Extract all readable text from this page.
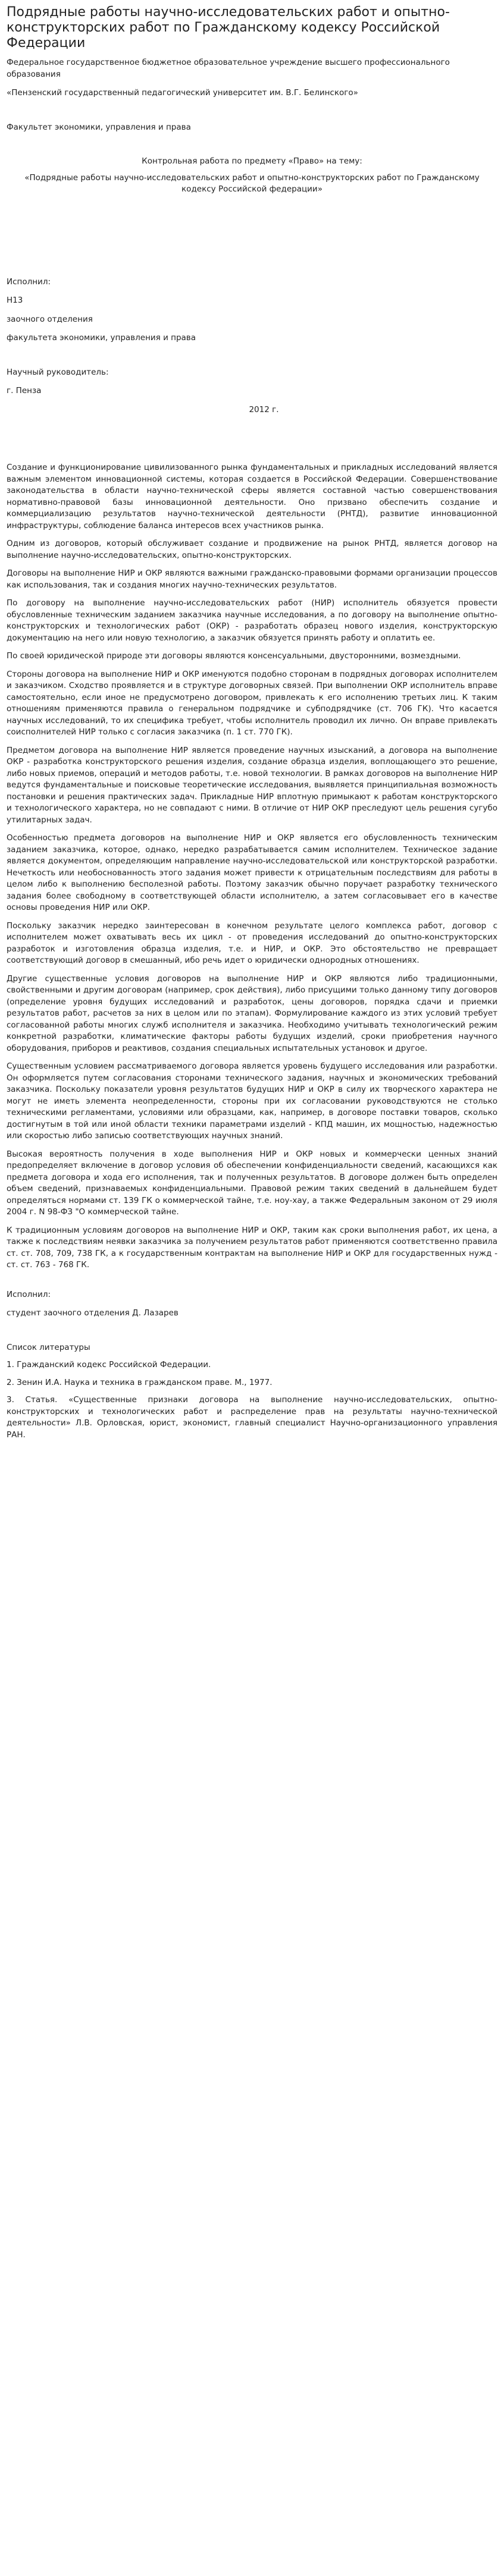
Подрядные работы научно-исследовательских работ и опытно-конструкторских работ по Гражданскому кодексу Российской Федерации

Федеральное государственное бюджетное образовательное учреждение высшего профессионального образования

«Пензенский государственный педагогический университет им. В.Г. Белинского»

Факультет экономики, управления и права

Контрольная работа по предмету «Право» на тему:

«Подрядные работы научно-исследовательских работ и опытно-конструкторских работ по Гражданскому кодексу Российской федерации»

Исполнил:

Н13

заочного отделения

факультета экономики, управления и права

Научный руководитель:

г. Пенза

2012 г.

Создание и функционирование цивилизованного рынка фундаментальных и прикладных исследований является важным элементом инновационной системы, которая создается в Российской Федерации. Совершенствование законодательства в области научно-технической сферы является составной частью совершенствования нормативно-правовой базы инновационной деятельности. Оно призвано обеспечить создание и коммерциализацию результатов научно-технической деятельности (РНТД), развитие инновационной инфраструктуры, соблюдение баланса интересов всех участников рынка.

Одним из договоров, который обслуживает создание и продвижение на рынок РНТД, является договор на выполнение научно-исследовательских, опытно-конструкторских.

Договоры на выполнение НИР и ОКР являются важными гражданско-правовыми формами организации процессов как использования, так и создания многих научно-технических результатов.

По договору на выполнение научно-исследовательских работ (НИР) исполнитель обязуется провести обусловленные техническим заданием заказчика научные исследования, а по договору на выполнение опытно-конструкторских и технологических работ (ОКР) - разработать образец нового изделия, конструкторскую документацию на него или новую технологию, а заказчик обязуется принять работу и оплатить ее.

По своей юридической природе эти договоры являются консенсуальными, двусторонними, возмездными.

Стороны договора на выполнение НИР и ОКР именуются подобно сторонам в подрядных договорах исполнителем и заказчиком. Сходство проявляется и в структуре договорных связей. При выполнении ОКР исполнитель вправе самостоятельно, если иное не предусмотрено договором, привлекать к его исполнению третьих лиц. К таким отношениям применяются правила о генеральном подрядчике и субподрядчике (ст. 706 ГК). Что касается научных исследований, то их специфика требует, чтобы исполнитель проводил их лично. Он вправе привлекать соисполнителей НИР только с согласия заказчика (п. 1 ст. 770 ГК).

Предметом договора на выполнение НИР является проведение научных изысканий, а договора на выполнение ОКР - разработка конструкторского решения изделия, создание образца изделия, воплощающего это решение, либо новых приемов, операций и методов работы, т.е. новой технологии. В рамках договоров на выполнение НИР ведутся фундаментальные и поисковые теоретические исследования, выявляется принципиальная возможность постановки и решения практических задач. Прикладные НИР вплотную примыкают к работам конструкторского и технологического характера, но не совпадают с ними. В отличие от НИР ОКР преследуют цель решения сугубо утилитарных задач.

Особенностью предмета договоров на выполнение НИР и ОКР является его обусловленность техническим заданием заказчика, которое, однако, нередко разрабатывается самим исполнителем. Техническое задание является документом, определяющим направление научно-исследовательской или конструкторской разработки. Нечеткость или необоснованность этого задания может привести к отрицательным последствиям для работы в целом либо к выполнению бесполезной работы. Поэтому заказчик обычно поручает разработку технического задания более свободному в соответствующей области исполнителю, а затем согласовывает его в качестве основы проведения НИР или ОКР.

Поскольку заказчик нередко заинтересован в конечном результате целого комплекса работ, договор с исполнителем может охватывать весь их цикл - от проведения исследований до опытно-конструкторских разработок и изготовления образца изделия, т.е. и НИР, и ОКР. Это обстоятельство не превращает соответствующий договор в смешанный, ибо речь идет о юридически однородных отношениях.

Другие существенные условия договоров на выполнение НИР и ОКР являются либо традиционными, свойственными и другим договорам (например, срок действия), либо присущими только данному типу договоров (определение уровня будущих исследований и разработок, цены договоров, порядка сдачи и приемки результатов работ, расчетов за них в целом или по этапам). Формулирование каждого из этих условий требует согласованной работы многих служб исполнителя и заказчика. Необходимо учитывать технологический режим конкретной разработки, климатические факторы работы будущих изделий, сроки приобретения научного оборудования, приборов и реактивов, создания специальных испытательных установок и другое.

Существенным условием рассматриваемого договора является уровень будущего исследования или разработки. Он оформляется путем согласования сторонами технического задания, научных и экономических требований заказчика. Поскольку показатели уровня результатов будущих НИР и ОКР в силу их творческого характера не могут не иметь элемента неопределенности, стороны при их согласовании руководствуются не столько техническими регламентами, условиями или образцами, как, например, в договоре поставки товаров, сколько достигнутым в той или иной области техники параметрами изделий - КПД машин, их мощностью, надежностью или скоростью либо записью соответствующих научных знаний.

Высокая вероятность получения в ходе выполнения НИР и ОКР новых и коммерчески ценных знаний предопределяет включение в договор условия об обеспечении конфиденциальности сведений, касающихся как предмета договора и хода его исполнения, так и полученных результатов. В договоре должен быть определен объем сведений, признаваемых конфиденциальными. Правовой режим таких сведений в дальнейшем будет определяться нормами ст. 139 ГК о коммерческой тайне, т.е. ноу-хау, а также Федеральным законом от 29 июля 2004 г. N 98-ФЗ "О коммерческой тайне.

К традиционным условиям договоров на выполнение НИР и ОКР, таким как сроки выполнения работ, их цена, а также к последствиям неявки заказчика за получением результатов работ применяются соответственно правила ст. ст. 708, 709, 738 ГК, а к государственным контрактам на выполнение НИР и ОКР для государственных нужд - ст. ст. 763 - 768 ГК.

Исполнил:

студент заочного отделения Д. Лазарев

Список литературы

1. Гражданский кодекс Российской Федерации.

2. Зенин И.А. Наука и техника в гражданском праве. М., 1977.

3. Статья. «Существенные признаки договора на выполнение научно-исследовательских, опытно-конструкторских и технологических работ и распределение прав на результаты научно-технической деятельности» Л.В. Орловская, юрист, экономист, главный специалист Научно-организационного управления РАН.
